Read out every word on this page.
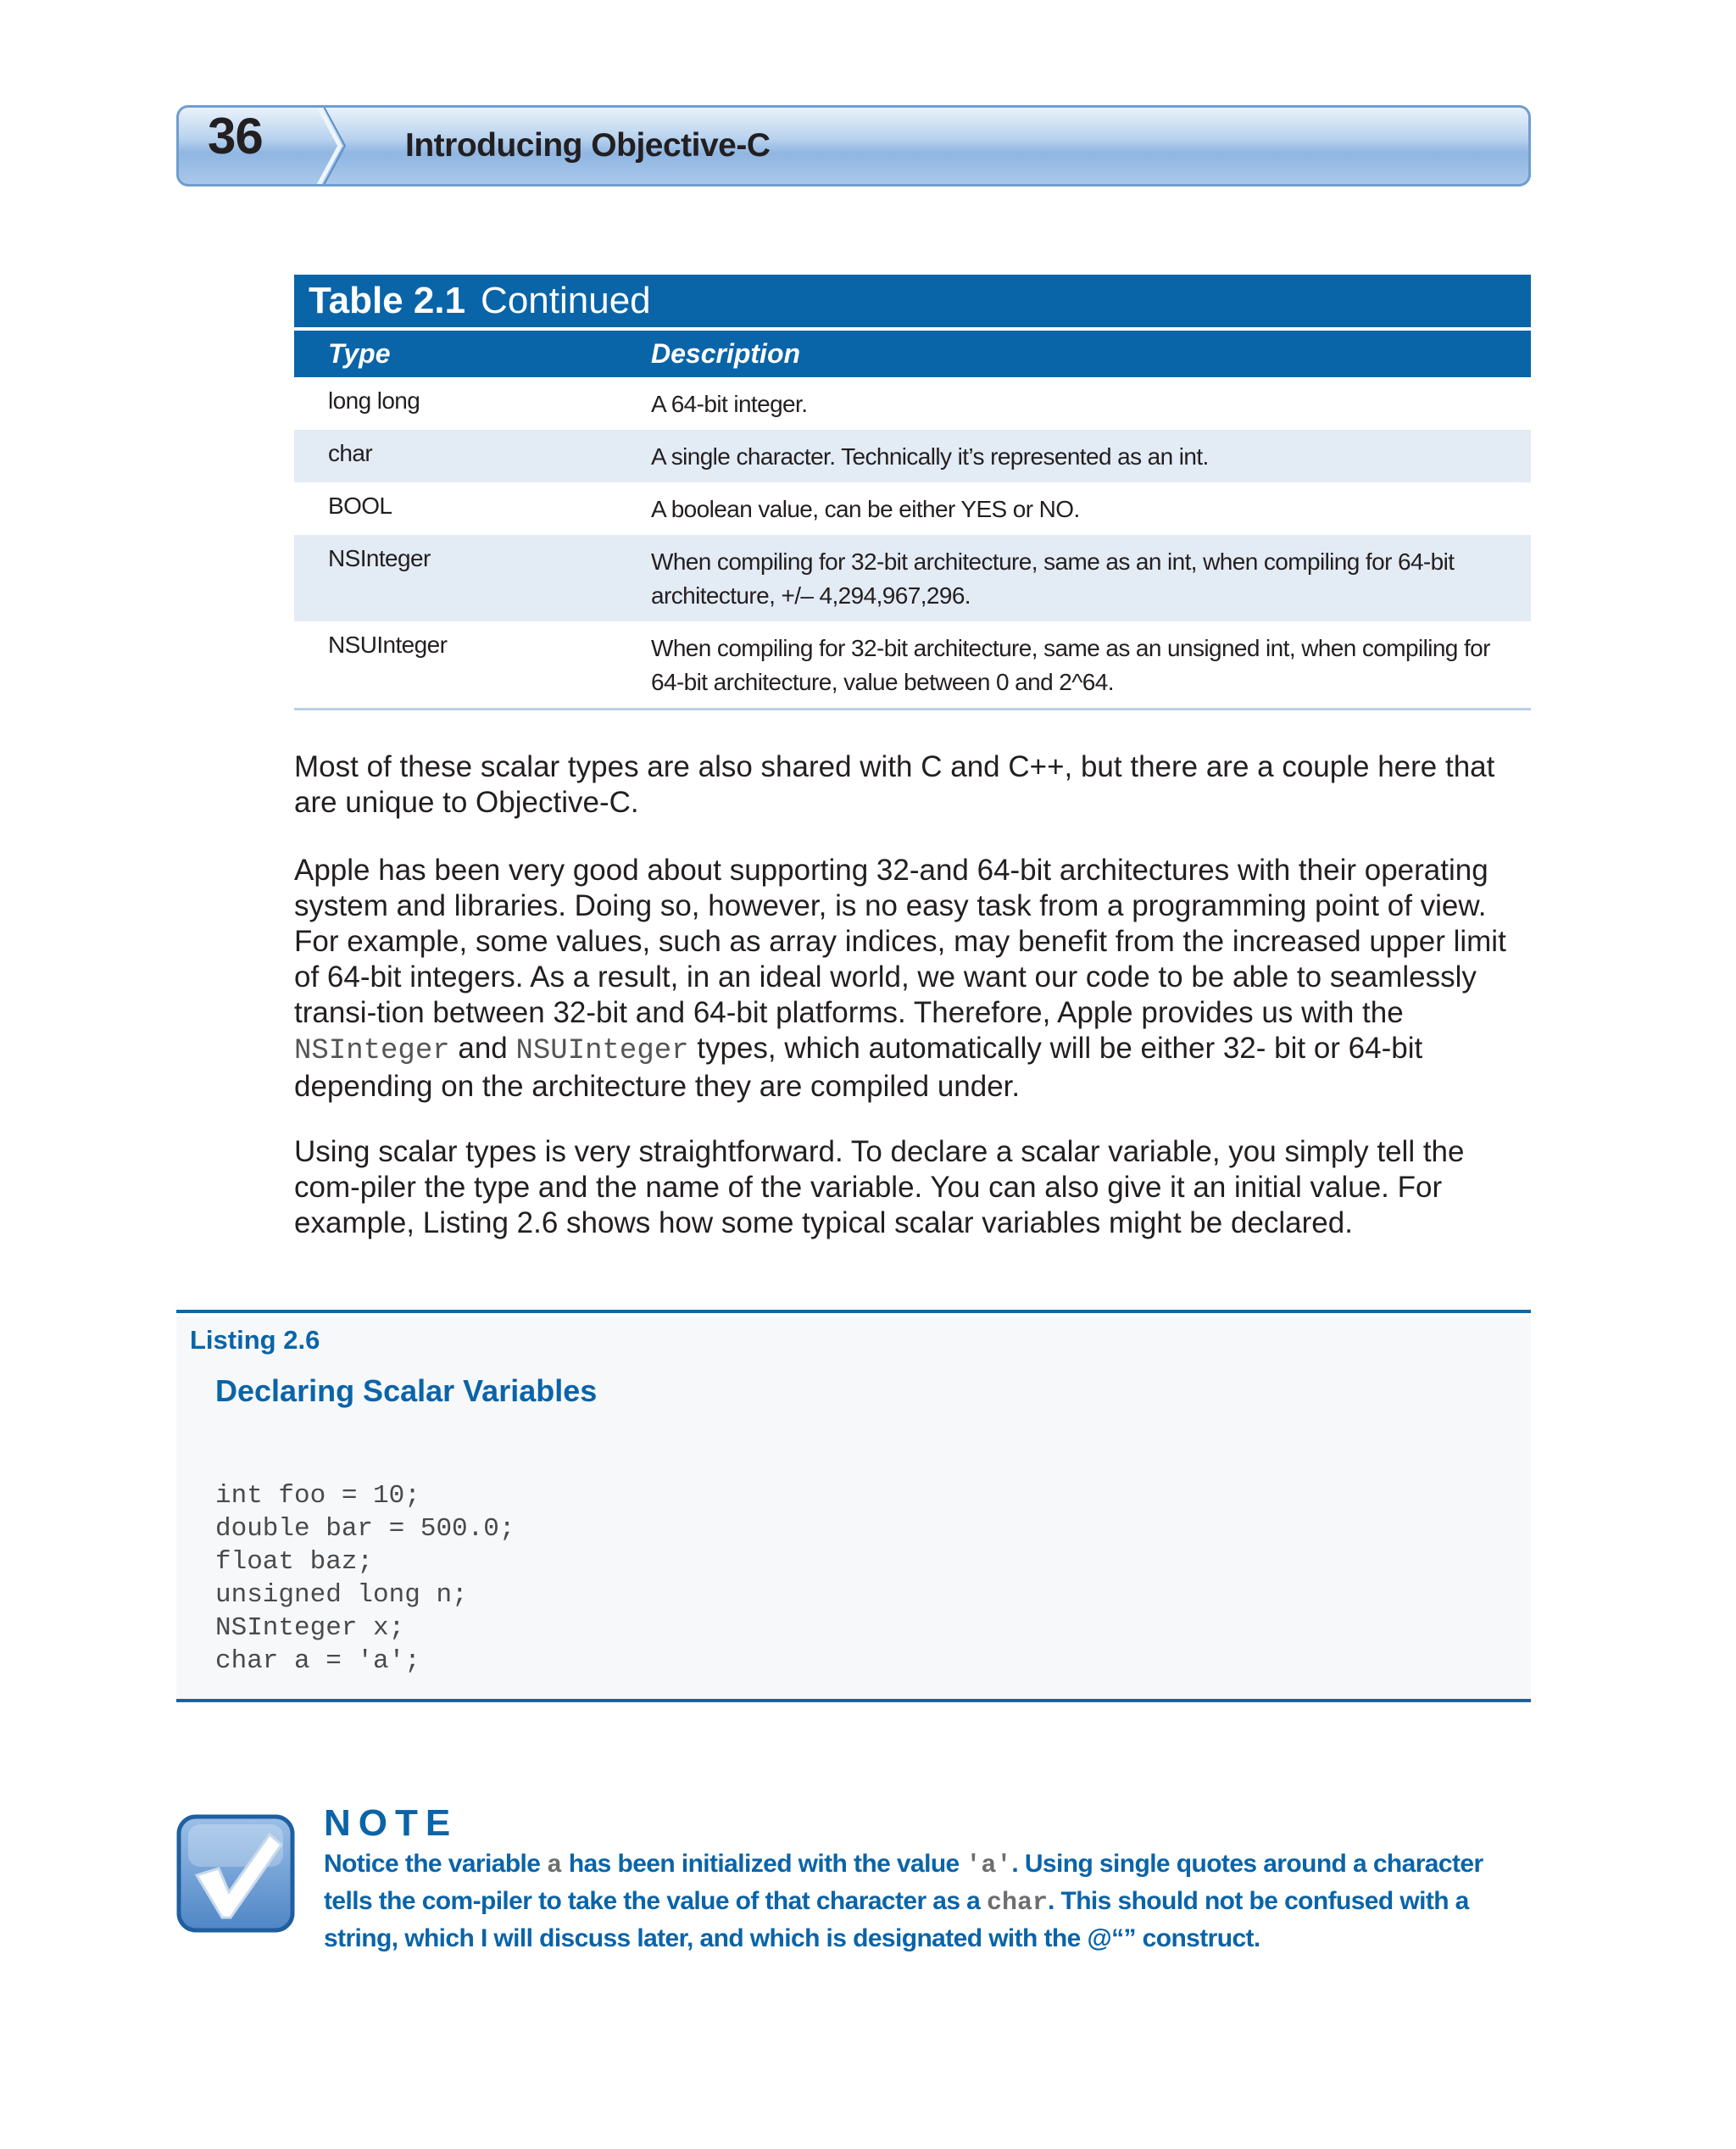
36	Introducing Objective-C
Table 2.1 Continued
Type	Description
long long	A 64-bit integer.
char	A single character. Technically it’s represented as an int.
BOOL	A boolean value, can be either YES or NO.
NSInteger	When compiling for 32-bit architecture, same as an int, when compiling for 64-bit architecture, +/– 4,294,967,296.
NSUInteger	When compiling for 32-bit architecture, same as an unsigned int, when compiling for 64-bit architecture, value between 0 and 2^64.
Most of these scalar types are also shared with C and C++, but there are a couple here that are unique to Objective-C.
Apple has been very good about supporting 32-and 64-bit architectures with their operating system and libraries. Doing so, however, is no easy task from a programming point of view. For example, some values, such as array indices, may benefit from the increased upper limit of 64-bit integers. As a result, in an ideal world, we want our code to be able to seamlessly transi-tion between 32-bit and 64-bit platforms. Therefore, Apple provides us with the NSInteger and NSUInteger types, which automatically will be either 32- bit or 64-bit depending on the architecture they are compiled under.
Using scalar types is very straightforward. To declare a scalar variable, you simply tell the com-piler the type and the name of the variable. You can also give it an initial value. For example, Listing 2.6 shows how some typical scalar variables might be declared.
Listing 2.6
Declaring Scalar Variables
int foo = 10;
double bar = 500.0;
float baz;
unsigned long n;
NSInteger x;
char a = 'a';
NOTE
Notice the variable a has been initialized with the value 'a'. Using single quotes around a character tells the com-piler to take the value of that character as a char. This should not be confused with a string, which I will discuss later, and which is designated with the @“” construct.
